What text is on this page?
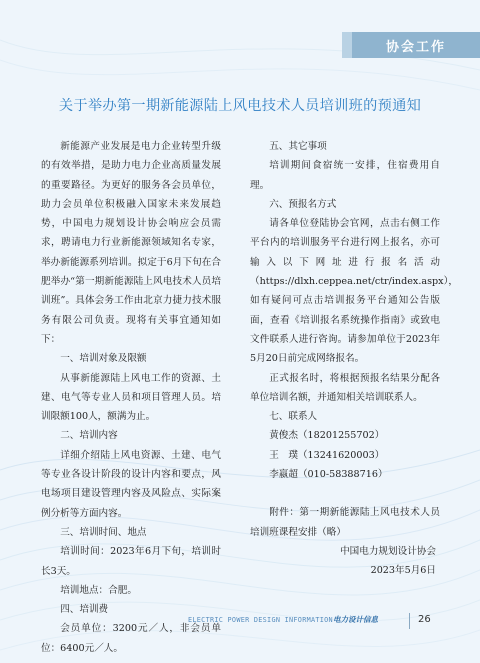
协会工作
关于举办第一期新能源陆上风电技术人员培训班的预通知
新能源产业发展是电力企业转型升级的有效举措，是助力电力企业高质量发展的重要路径。为更好的服务各会员单位，助力会员单位积极融入国家未来发展趋势，中国电力规划设计协会响应会员需求，聘请电力行业新能源领域知名专家，举办新能源系列培训。拟定于6月下旬在合肥举办“第一期新能源陆上风电技术人员培训班”。具体会务工作由北京力捷力技术服务有限公司负责。现将有关事宜通知如下：
一、培训对象及限额
从事新能源陆上风电工作的资源、土建、电气等专业人员和项目管理人员。培训限额100人，额满为止。
二、培训内容
详细介绍陆上风电资源、土建、电气等专业各设计阶段的设计内容和要点，风电场项目建设管理内容及风险点、实际案例分析等方面内容。
三、培训时间、地点
培训时间：2023年6月下旬，培训时长3天。
培训地点：合肥。
四、培训费
会员单位：3200元／人，非会员单位：6400元／人。
五、其它事项
培训期间食宿统一安排，住宿费用自理。
六、预报名方式
请各单位登陆协会官网，点击右侧工作平台内的培训服务平台进行网上报名，亦可输入以下网址进行报名活动（https://dlxh.ceppea.net/ctr/index.aspx），如有疑问可点击培训报务平台通知公告版面，查看《培训报名系统操作指南》或致电文件联系人进行咨询。请参加单位于2023年5月20日前完成网络报名。
正式报名时，将根据预报名结果分配各单位培训名额，并通知相关培训联系人。
七、联系人
黄俊杰（18201255702）
王　璞（13241620003）
李嬴超（010-58388716）
附件：第一期新能源陆上风电技术人员培训班课程安排（略）
中国电力规划设计协会
2023年5月6日
ELECTRIC POWER DESIGN INFORMATION 电力设计信息	26
